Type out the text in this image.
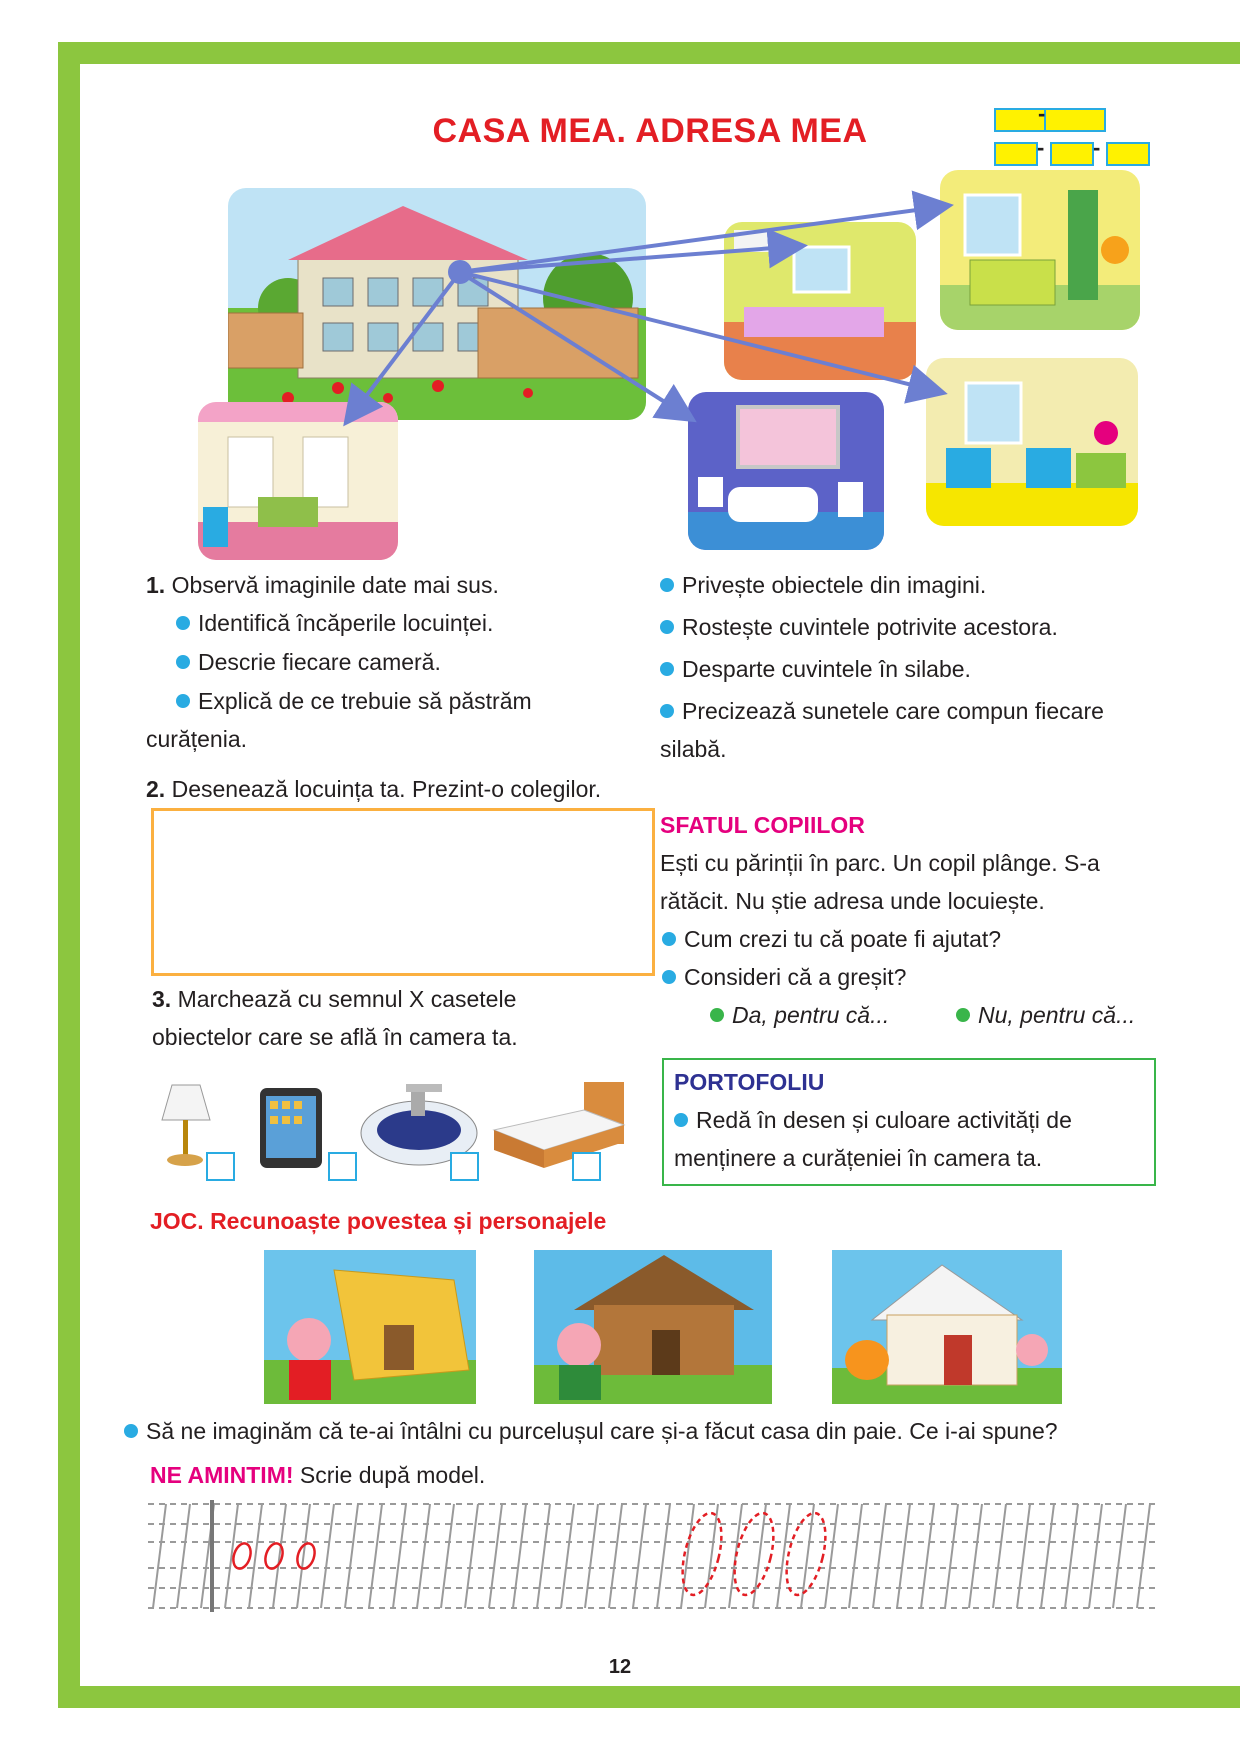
CASA MEA. ADRESA MEA	-
- -
1. Observă imaginile date mai sus.
Identifică încăperile locuinței.
Descrie fiecare cameră.
Explică de ce trebuie să păstrăm
curățenia.
Privește obiectele din imagini.
Rostește cuvintele potrivite acestora.
Desparte cuvintele în silabe.
Precizează sunetele care compun fiecare
silabă.
2. Desenează locuința ta. Prezint-o colegilor.
SFATUL COPIILOR
Ești cu părinții în parc. Un copil plânge. S-a
rătăcit. Nu știe adresa unde locuiește.
Cum crezi tu că poate fi ajutat?
Consideri că a greșit?
Da, pentru că...	Nu, pentru că...
3. Marchează cu semnul X casetele
obiectelor care se află în camera ta.
PORTOFOLIU
Redă în desen și culoare activități de
menținere a curățeniei în camera ta.
JOC. Recunoaște povestea și personajele
Să ne imaginăm că te-ai întâlni cu purcelușul care și-a făcut casa din paie. Ce i-ai spune?
NE AMINTIM! Scrie după model.
12
